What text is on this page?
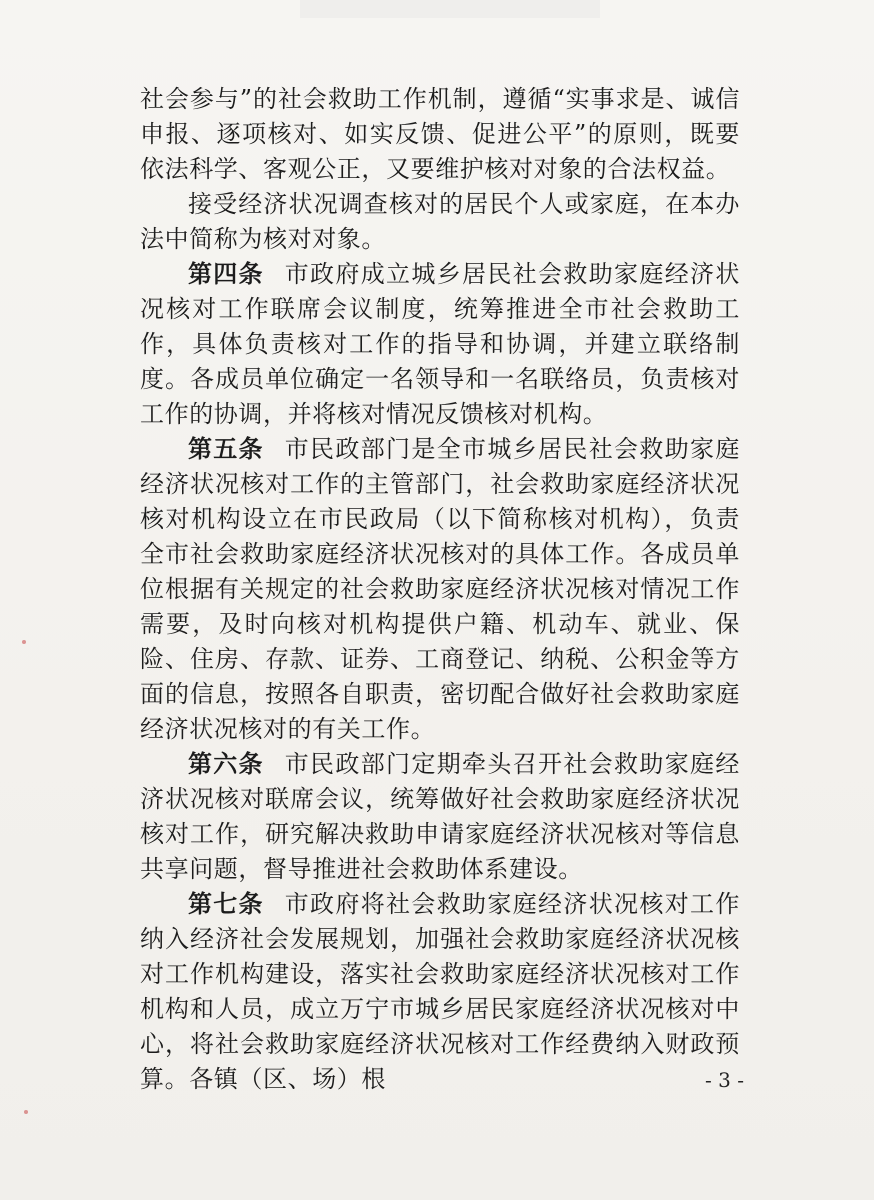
社会参与”的社会救助工作机制，遵循“实事求是、诚信申报、逐项核对、如实反馈、促进公平”的原则，既要依法科学、客观公正，又要维护核对对象的合法权益。

接受经济状况调查核对的居民个人或家庭，在本办法中简称为核对对象。

第四条 市政府成立城乡居民社会救助家庭经济状况核对工作联席会议制度，统筹推进全市社会救助工作，具体负责核对工作的指导和协调，并建立联络制度。各成员单位确定一名领导和一名联络员，负责核对工作的协调，并将核对情况反馈核对机构。

第五条 市民政部门是全市城乡居民社会救助家庭经济状况核对工作的主管部门，社会救助家庭经济状况核对机构设立在市民政局（以下简称核对机构），负责全市社会救助家庭经济状况核对的具体工作。各成员单位根据有关规定的社会救助家庭经济状况核对情况工作需要，及时向核对机构提供户籍、机动车、就业、保险、住房、存款、证券、工商登记、纳税、公积金等方面的信息，按照各自职责，密切配合做好社会救助家庭经济状况核对的有关工作。

第六条 市民政部门定期牵头召开社会救助家庭经济状况核对联席会议，统筹做好社会救助家庭经济状况核对工作，研究解决救助申请家庭经济状况核对等信息共享问题，督导推进社会救助体系建设。

第七条 市政府将社会救助家庭经济状况核对工作纳入经济社会发展规划，加强社会救助家庭经济状况核对工作机构建设，落实社会救助家庭经济状况核对工作机构和人员，成立万宁市城乡居民家庭经济状况核对中心，将社会救助家庭经济状况核对工作经费纳入财政预算。各镇（区、场）根	- 3 -
